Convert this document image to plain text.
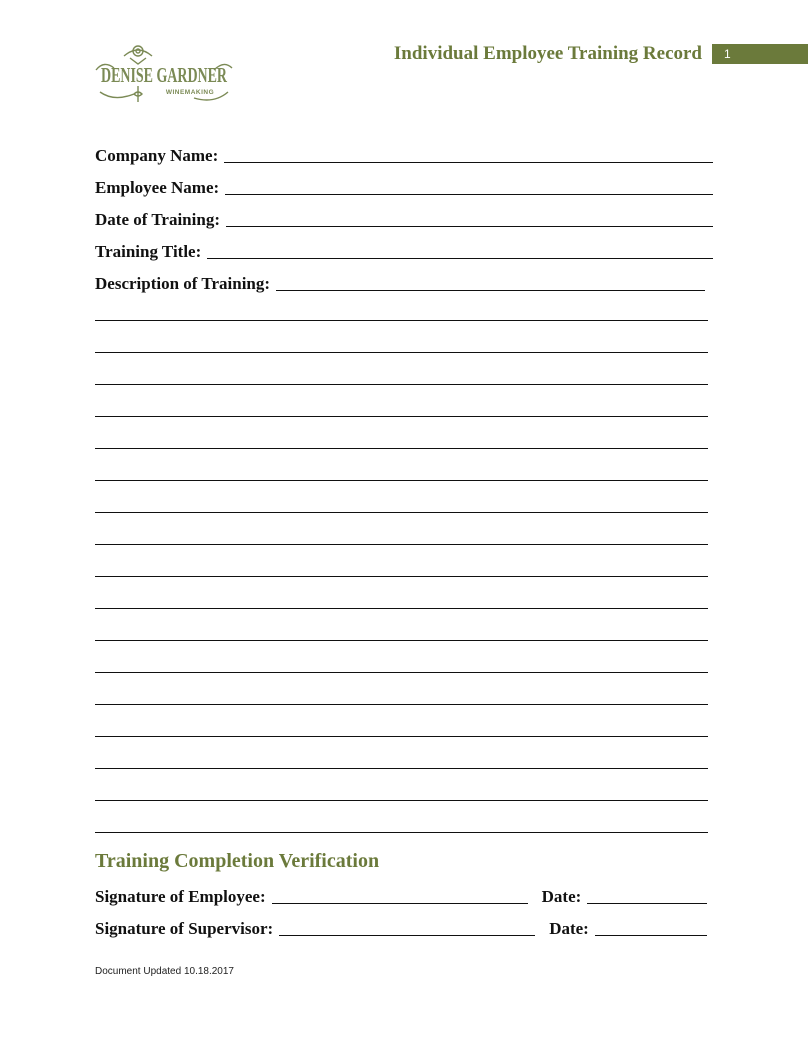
DENISE GARDNER
WINEMAKING
Individual Employee Training Record	1
Company Name:
Employee Name:
Date of Training:
Training Title:
Description of Training:
Training Completion Verification
Signature of Employee:	Date:
Signature of Supervisor:	Date:
Document Updated 10.18.2017
